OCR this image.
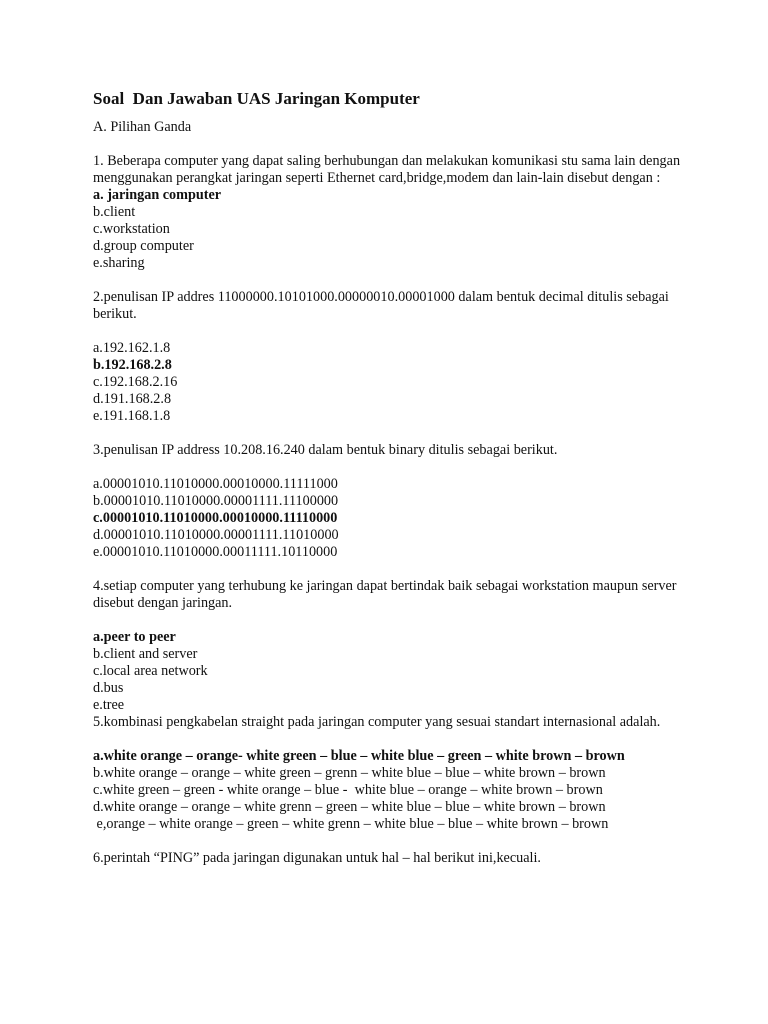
Soal  Dan Jawaban UAS Jaringan Komputer
A. Pilihan Ganda
1. Beberapa computer yang dapat saling berhubungan dan melakukan komunikasi stu sama lain dengan menggunakan perangkat jaringan seperti Ethernet card,bridge,modem dan lain-lain disebut dengan :
a. jaringan computer
b.client
c.workstation
d.group computer
e.sharing
2.penulisan IP addres 11000000.10101000.00000010.00001000 dalam bentuk decimal ditulis sebagai berikut.
a.192.162.1.8
b.192.168.2.8
c.192.168.2.16
d.191.168.2.8
e.191.168.1.8
3.penulisan IP address 10.208.16.240 dalam bentuk binary ditulis sebagai berikut.
a.00001010.11010000.00010000.11111000
b.00001010.11010000.00001111.11100000
c.00001010.11010000.00010000.11110000
d.00001010.11010000.00001111.11010000
e.00001010.11010000.00011111.10110000
4.setiap computer yang terhubung ke jaringan dapat bertindak baik sebagai workstation maupun server disebut dengan jaringan.
a.peer to peer
b.client and server
c.local area network
d.bus
e.tree
5.kombinasi pengkabelan straight pada jaringan computer yang sesuai standart internasional adalah.
a.white orange – orange- white green – blue – white blue – green – white brown – brown
b.white orange – orange – white green – grenn – white blue – blue – white brown – brown
c.white green – green - white orange – blue -  white blue – orange – white brown – brown
d.white orange – orange – white grenn – green – white blue – blue – white brown – brown
e,orange – white orange – green – white grenn – white blue – blue – white brown – brown
6.perintah “PING” pada jaringan digunakan untuk hal – hal berikut ini,kecuali.
